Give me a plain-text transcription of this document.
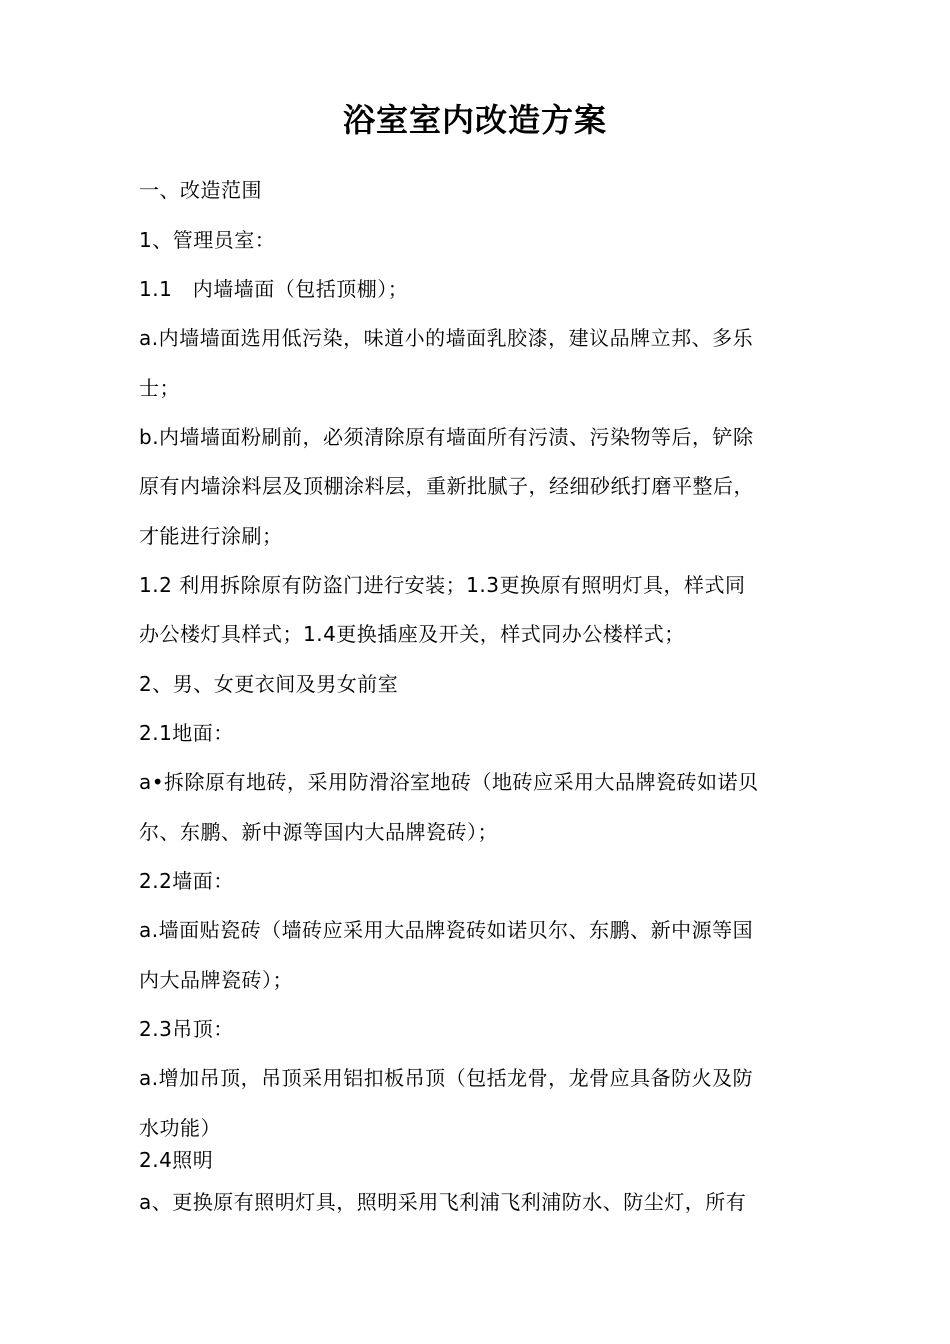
浴室室内改造方案
一、改造范围
1、管理员室：
1.1　内墙墙面（包括顶棚）；
a.内墙墙面选用低污染，味道小的墙面乳胶漆，建议品牌立邦、多乐
士；
b.内墙墙面粉刷前，必须清除原有墙面所有污渍、污染物等后，铲除
原有内墙涂料层及顶棚涂料层，重新批腻子，经细砂纸打磨平整后，
才能进行涂刷；
1.2 利用拆除原有防盗门进行安装；1.3更换原有照明灯具，样式同
办公楼灯具样式；1.4更换插座及开关，样式同办公楼样式；
2、男、女更衣间及男女前室
2.1地面：
a•拆除原有地砖，采用防滑浴室地砖（地砖应采用大品牌瓷砖如诺贝
尔、东鹏、新中源等国内大品牌瓷砖）；
2.2墙面：
a.墙面贴瓷砖（墙砖应采用大品牌瓷砖如诺贝尔、东鹏、新中源等国
内大品牌瓷砖）；
2.3吊顶：
a.增加吊顶，吊顶采用铝扣板吊顶（包括龙骨，龙骨应具备防火及防
水功能）
2.4照明
a、更换原有照明灯具，照明采用飞利浦飞利浦防水、防尘灯，所有
